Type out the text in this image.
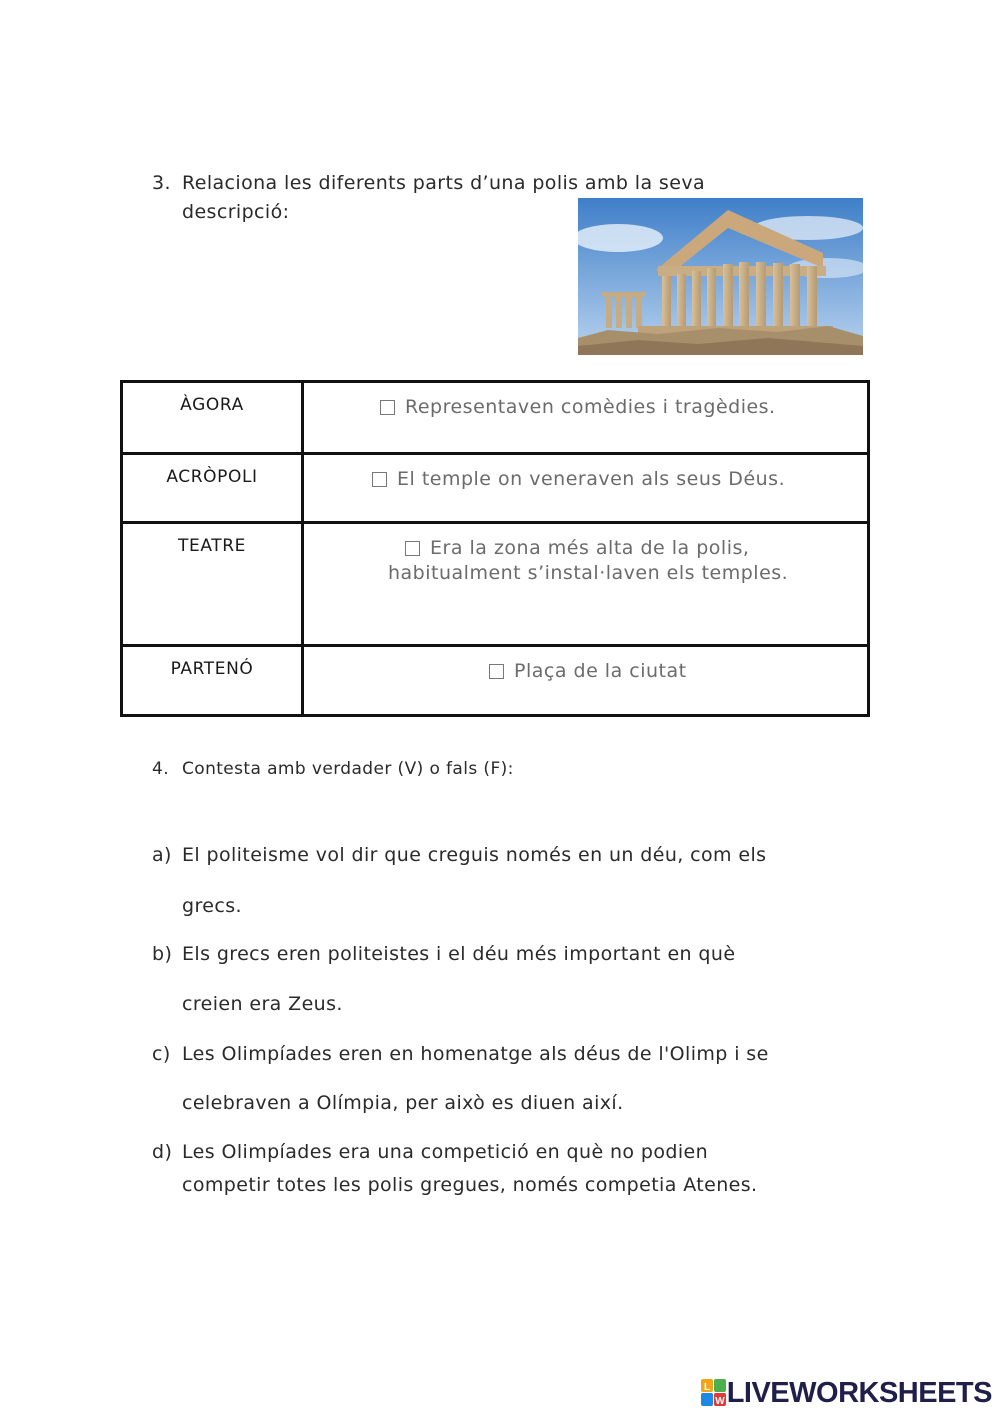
3. Relaciona les diferents parts d’una polis amb la seva
descripció:
ÀGORA	Representaven comèdies i tragèdies.

ACRÒPOLI	El temple on veneraven als seus Déus.

TEATRE	Era la zona més alta de la polis,
habitualment s’instal·laven els temples.

PARTENÓ	Plaça de la ciutat
4. Contesta amb verdader (V) o fals (F):
a) El politeisme vol dir que creguis només en un déu, com els
grecs.
b) Els grecs eren politeistes i el déu més important en què
creien era Zeus.
c) Les Olimpíades eren en homenatge als déus de l'Olimp i se
celebraven a Olímpia, per això es diuen així.
d) Les Olimpíades era una competició en què no podien
competir totes les polis gregues, només competia Atenes.
L
W LIVEWORKSHEETS
